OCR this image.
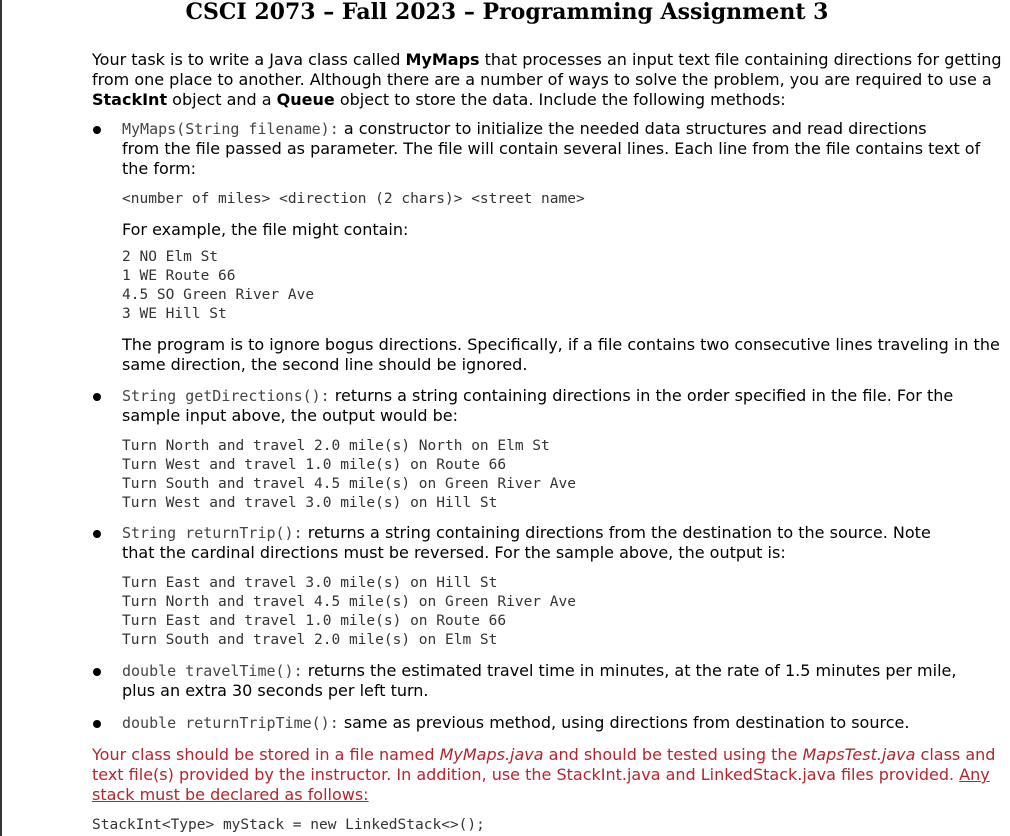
CSCI 2073 – Fall 2023 – Programming Assignment 3
Your task is to write a Java class called MyMaps that processes an input text file containing directions for getting
from one place to another. Although there are a number of ways to solve the problem, you are required to use a
StackInt object and a Queue object to store the data. Include the following methods:
MyMaps(String filename): a constructor to initialize the needed data structures and read directions
from the file passed as parameter. The file will contain several lines. Each line from the file contains text of
the form:
<number of miles> <direction (2 chars)> <street name>
For example, the file might contain:
2 NO Elm St
1 WE Route 66
4.5 SO Green River Ave
3 WE Hill St
The program is to ignore bogus directions. Specifically, if a file contains two consecutive lines traveling in the
same direction, the second line should be ignored.
String getDirections(): returns a string containing directions in the order specified in the file. For the
sample input above, the output would be:
Turn North and travel 2.0 mile(s) North on Elm St
Turn West and travel 1.0 mile(s) on Route 66
Turn South and travel 4.5 mile(s) on Green River Ave
Turn West and travel 3.0 mile(s) on Hill St
String returnTrip(): returns a string containing directions from the destination to the source. Note
that the cardinal directions must be reversed. For the sample above, the output is:
Turn East and travel 3.0 mile(s) on Hill St
Turn North and travel 4.5 mile(s) on Green River Ave
Turn East and travel 1.0 mile(s) on Route 66
Turn South and travel 2.0 mile(s) on Elm St
double travelTime(): returns the estimated travel time in minutes, at the rate of 1.5 minutes per mile,
plus an extra 30 seconds per left turn.
double returnTripTime(): same as previous method, using directions from destination to source.
Your class should be stored in a file named MyMaps.java and should be tested using the MapsTest.java class and
text file(s) provided by the instructor. In addition, use the StackInt.java and LinkedStack.java files provided. Any
stack must be declared as follows:
StackInt<Type> myStack = new LinkedStack<>();
